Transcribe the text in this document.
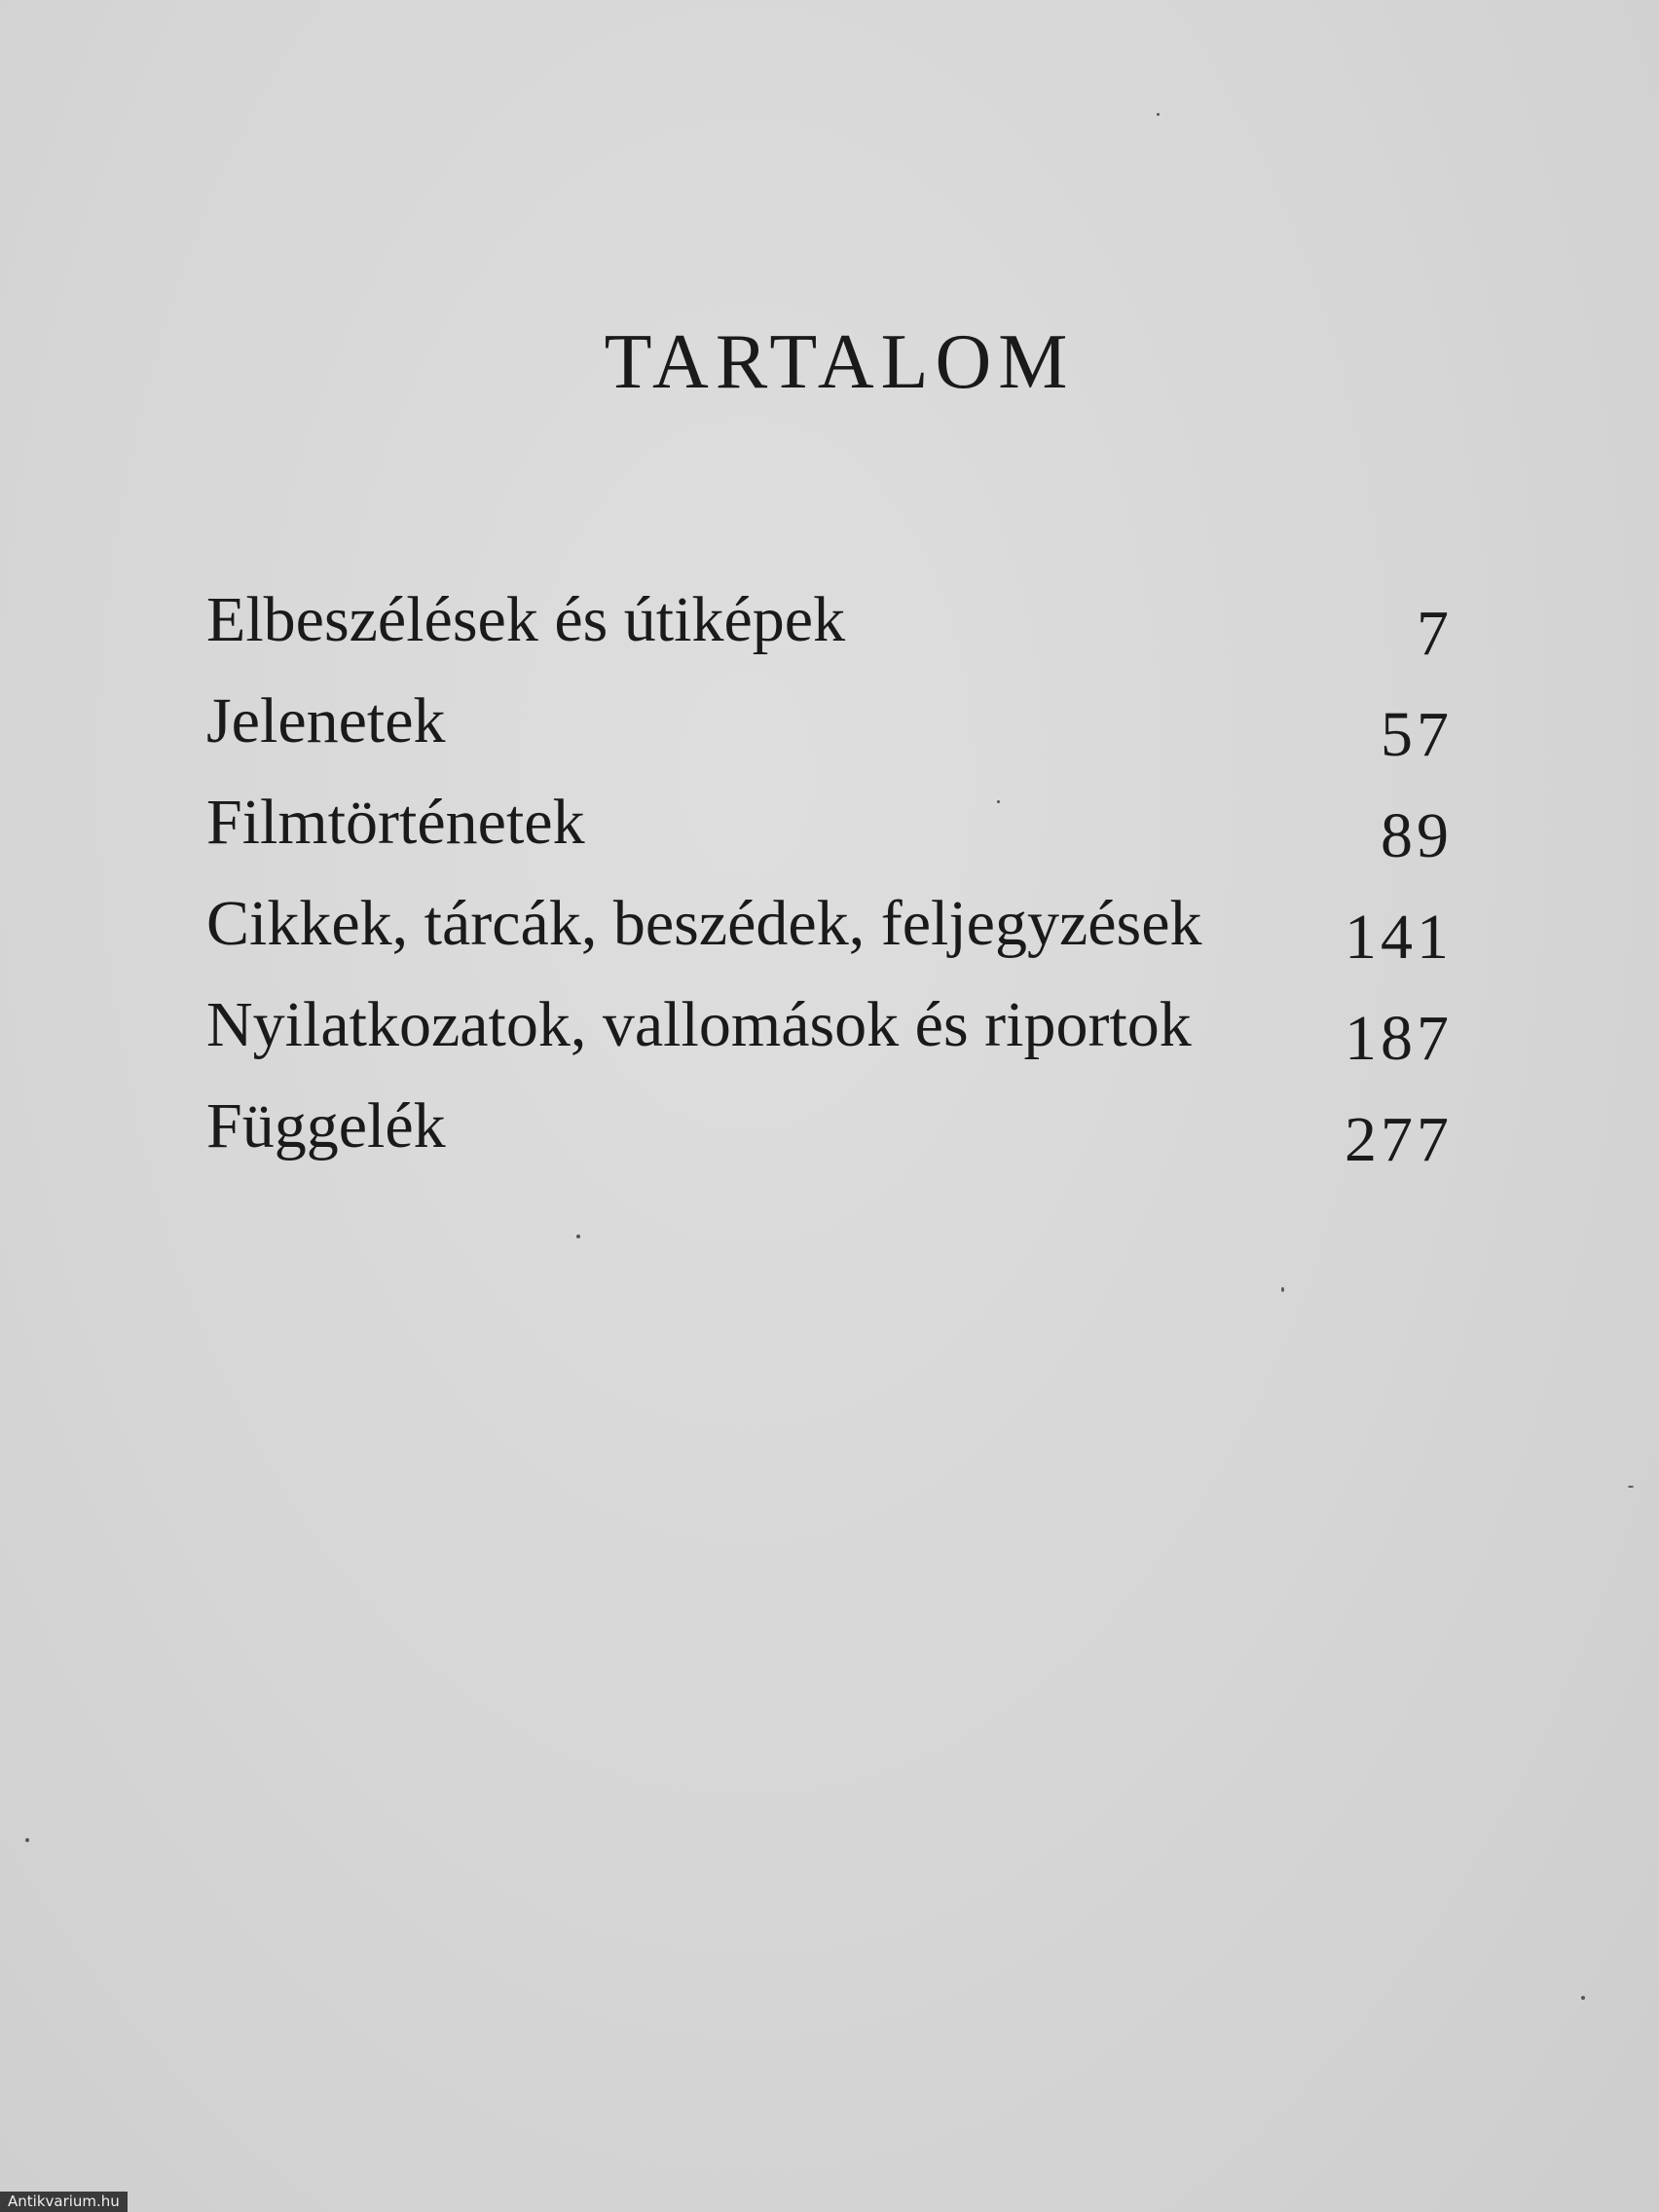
TARTALOM
Elbeszélések és útiképek	7
Jelenetek	57
Filmtörténetek	89
Cikkek, tárcák, beszédek, feljegyzések 141
Nyilatkozatok, vallomások és riportok 187
Függelék	277
Antikvarium.hu
